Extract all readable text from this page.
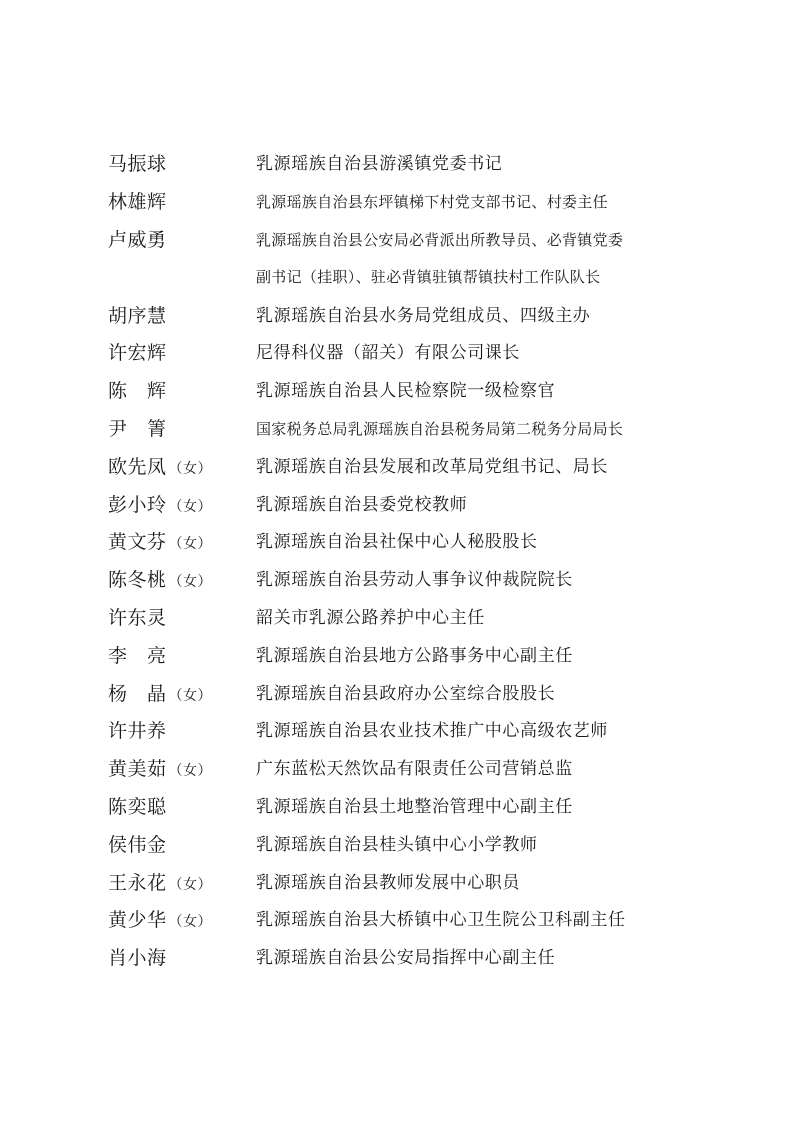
马振球	乳源瑶族自治县游溪镇党委书记
林雄辉	乳源瑶族自治县东坪镇梯下村党支部书记、村委主任
卢威勇	乳源瑶族自治县公安局必背派出所教导员、必背镇党委
副书记（挂职）、驻必背镇驻镇帮镇扶村工作队队长
胡序慧	乳源瑶族自治县水务局党组成员、四级主办
许宏辉	尼得科仪器（韶关）有限公司课长
陈　辉	乳源瑶族自治县人民检察院一级检察官
尹　箐	国家税务总局乳源瑶族自治县税务局第二税务分局局长
欧先凤 （女）	乳源瑶族自治县发展和改革局党组书记、局长
彭小玲 （女）	乳源瑶族自治县委党校教师
黄文芬 （女）	乳源瑶族自治县社保中心人秘股股长
陈冬桃 （女）	乳源瑶族自治县劳动人事争议仲裁院院长
许东灵	韶关市乳源公路养护中心主任
李　亮	乳源瑶族自治县地方公路事务中心副主任
杨　晶 （女）	乳源瑶族自治县政府办公室综合股股长
许井养	乳源瑶族自治县农业技术推广中心高级农艺师
黄美茹 （女）	广东蓝松天然饮品有限责任公司营销总监
陈奕聪	乳源瑶族自治县土地整治管理中心副主任
侯伟金	乳源瑶族自治县桂头镇中心小学教师
王永花 （女）	乳源瑶族自治县教师发展中心职员
黄少华 （女）	乳源瑶族自治县大桥镇中心卫生院公卫科副主任
肖小海	乳源瑶族自治县公安局指挥中心副主任
